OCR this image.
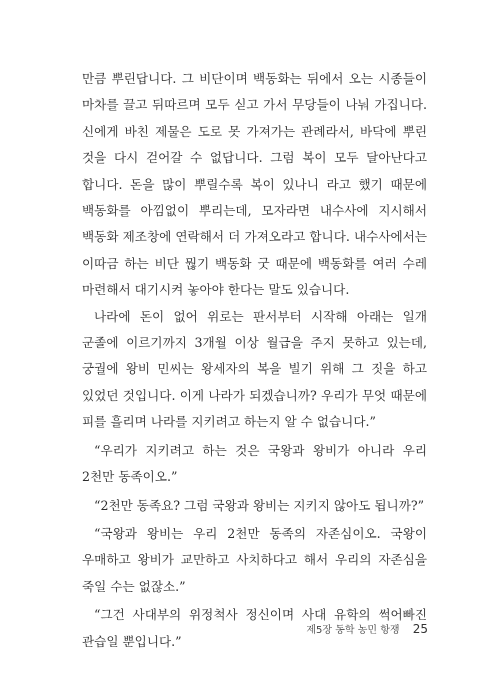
만큼 뿌린답니다. 그 비단이며 백동화는 뒤에서 오는 시종들이 마차를 끌고 뒤따르며 모두 싣고 가서 무당들이 나눠 가집니다. 신에게 바친 제물은 도로 못 가져가는 관례라서, 바닥에 뿌린 것을 다시 걷어갈 수 없답니다. 그럼 복이 모두 달아난다고 합니다. 돈을 많이 뿌릴수록 복이 있나니 라고 했기 때문에 백동화를 아낌없이 뿌리는데, 모자라면 내수사에 지시해서 백동화 제조창에 연락해서 더 가져오라고 합니다. 내수사에서는 이따금 하는 비단 뭖기 백동화 굿 때문에 백동화를 여러 수레 마련해서 대기시켜 놓아야 한다는 말도 있습니다.

나라에 돈이 없어 위로는 판서부터 시작해 아래는 일개 군졸에 이르기까지 3개월 이상 월급을 주지 못하고 있는데, 궁궐에 왕비 민씨는 왕세자의 복을 빌기 위해 그 짓을 하고 있었던 것입니다. 이게 나라가 되겠습니까? 우리가 무엇 때문에 피를 흘리며 나라를 지키려고 하는지 알 수 없습니다.”

“우리가 지키려고 하는 것은 국왕과 왕비가 아니라 우리 2천만 동족이오.”

“2천만 동족요? 그럼 국왕과 왕비는 지키지 않아도 됩니까?”

“국왕과 왕비는 우리 2천만 동족의 자존심이오. 국왕이 우매하고 왕비가 교만하고 사치하다고 해서 우리의 자존심을 죽일 수는 없잖소.”

“그건 사대부의 위정척사 정신이며 사대 유학의 썩어빠진 관습일 뿐입니다.”

제5장 동학 농민 항쟁 25
